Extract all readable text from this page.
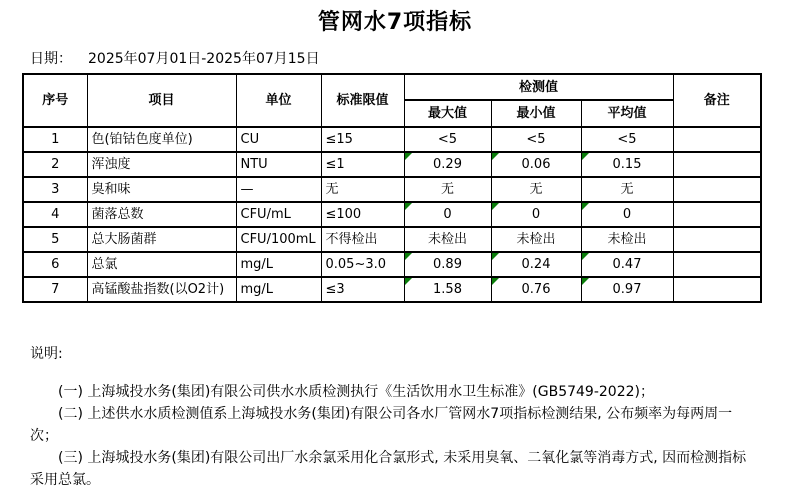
管网水7项指标
日期： 2025年07月01日-2025年07月15日
序号	项目	单位	标准限值	检测值			备注
				最大值	最小值	平均值	
1	色(铂钴色度单位)	CU	≤15	<5	<5	<5	
2	浑浊度	NTU	≤1	0.29	0.06	0.15	
3	臭和味	—	无	无	无	无	
4	菌落总数	CFU/mL	≤100	0	0	0	
5	总大肠菌群	CFU/100mL	不得检出	未检出	未检出	未检出	
6	总氯	mg/L	0.05~3.0	0.89	0.24	0.47	
7	高锰酸盐指数(以O2计)	mg/L	≤3	1.58	0.76	0.97	
说明:

(一) 上海城投水务(集团)有限公司供水水质检测执行《生活饮用水卫生标准》(GB5749-2022)；

(二) 上述供水水质检测值系上海城投水务(集团)有限公司各水厂管网水7项指标检测结果, 公布频率为每两周一次；

(三) 上海城投水务(集团)有限公司出厂水余氯采用化合氯形式, 未采用臭氧、二氧化氯等消毒方式, 因而检测指标采用总氯。
